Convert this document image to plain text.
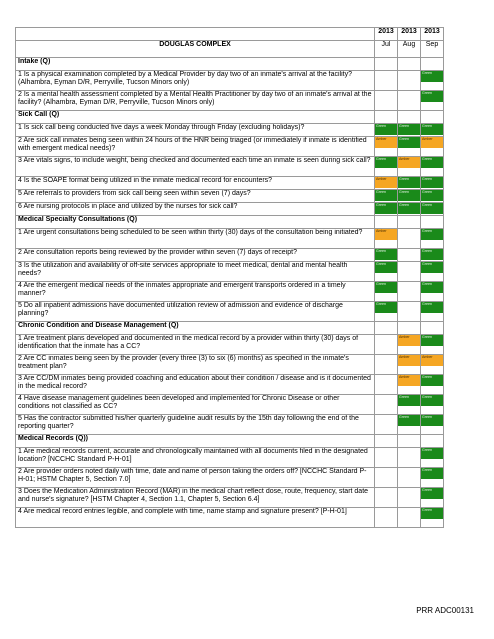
	2013	2013	2013
DOUGLAS COMPLEX	Jul	Aug	Sep
Intake (Q)			
1 Is a physical examination completed by a Medical Provider by day two of an inmate's arrival at the facility? (Alhambra, Eyman D/R, Perryville, Tucson Minors only)			Green

2 Is a mental health assessment completed by a Mental Health Practitioner by day two of an inmate's arrival at the facility? (Alhambra, Eyman D/R, Perryville, Tucson Minors only)			Green

Sick Call (Q)			
1 Is sick call being conducted five days a week Monday through Friday (excluding holidays)?	Green	Green	Green

2 Are sick call inmates being seen within 24 hours of the HNR being triaged (or immediately if inmate is identified with emergent medical needs)?	Amber	Green	Amber

3 Are vitals signs, to include weight, being checked and documented each time an inmate is seen during sick call?	Green	Amber	Green

4 Is the SOAPE format being utilized in the inmate medical record for encounters?	Amber	Green	Green

5 Are referrals to providers from sick call being seen within seven (7) days?	Green	Green	Green

6 Are nursing protocols in place and utilized by the nurses for sick call?	Green	Green	Green

Medical Specialty Consultations (Q)			
1 Are urgent consultations being scheduled to be seen within thirty (30) days of the consultation being initiated?	Amber		Green

2 Are consultation reports being reviewed by the provider within seven (7) days of receipt?	Green		Green

3 Is the utilization and availability of off-site services appropriate to meet medical, dental and mental health needs?	Green		Green

4 Are the emergent medical needs of the inmates appropriate and emergent transports ordered in a timely manner?	Green		Green

5 Do all inpatient admissions have documented utilization review of admission and evidence of discharge planning?	Green		Green

Chronic Condition and Disease Management (Q)			
1 Are treatment plans developed and documented in the medical record by a provider within thirty (30) days of identification that the inmate has a CC?		Amber	Green

2 Are CC inmates being seen by the provider (every three (3) to six (6) months) as specified in the inmate's treatment plan?		Amber	Amber

3 Are CC/DM inmates being provided coaching and education about their condition / disease and is it documented in the medical record?		Amber	Green

4 Have disease management guidelines been developed and implemented for Chronic Disease or other conditions not classified as CC?		Green	Green

5 Has the contractor submitted his/her quarterly guideline audit results by the 15th day following the end of the reporting quarter?		Green	Green

Medical Records (Q))			
1 Are medical records current, accurate and chronologically maintained with all documents filed in the designated location? [NCCHC Standard P-H-01]			Green

2 Are provider orders noted daily with time, date and name of person taking the orders off? [NCCHC Standard P-H-01; HSTM Chapter 5, Section 7.0]			Green

3 Does the Medication Administration Record (MAR) in the medical chart reflect dose, route, frequency, start date and nurse's signature? [HSTM Chapter 4, Section 1.1, Chapter 5, Section 6.4]			Green

4 Are medical record entries legible, and complete with time, name stamp and signature present? [P-H-01]			Green
PRR ADC00131
